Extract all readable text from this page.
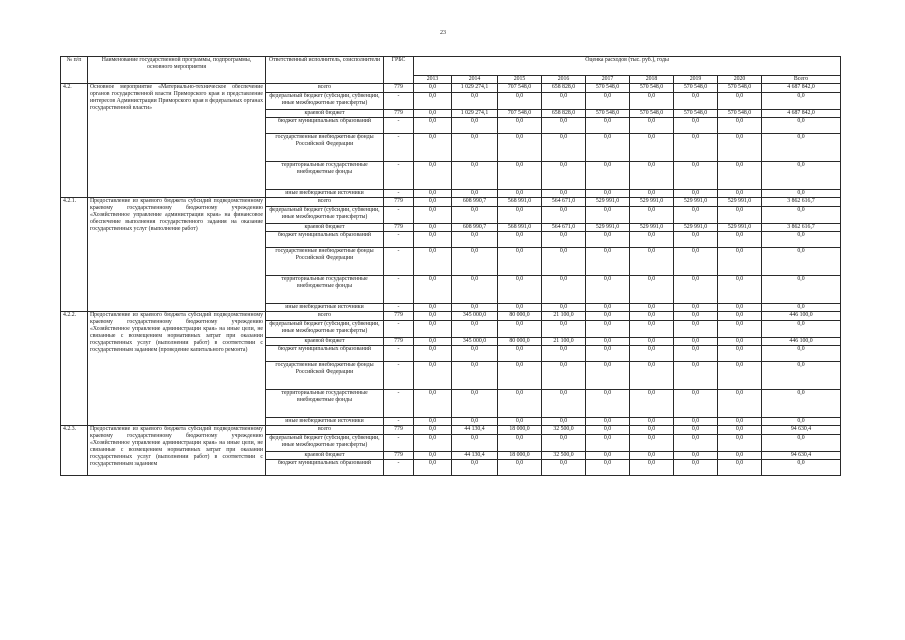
23
№ п/п	Наименование государственной программы, подпрограммы, основного мероприятия	Ответственный исполнитель, соисполнители	ГРБС	Оценка расходов (тыс. руб.), годы								
				2013	2014	2015	2016	2017	2018	2019	2020	Всего
4.2.	Основное мероприятие «Материально-техническое обеспечение органов государственной власти Приморского края и представление интересов Администрации Приморского края в федеральных органах государственной власти»	всего	779	0,0	1 029 274,1	707 548,0	658 828,0	570 548,0	570 548,0	570 548,0	570 548,0	4 687 842,0
		федеральный бюджет (субсидии, субвенции, иные межбюджетные трансферты)	-	0,0	0,0	0,0	0,0	0,0	0,0	0,0	0,0	0,0
		краевой бюджет	779	0,0	1 029 274,1	707 548,0	658 828,0	570 548,0	570 548,0	570 548,0	570 548,0	4 687 842,0
		бюджет муниципальных образований	-	0,0	0,0	0,0	0,0	0,0	0,0	0,0	0,0	0,0
		государственные внебюджетные фонды Российской Федерации	-	0,0	0,0	0,0	0,0	0,0	0,0	0,0	0,0	0,0
		территориальные государственные внебюджетные фонды	-	0,0	0,0	0,0	0,0	0,0	0,0	0,0	0,0	0,0
		иные внебюджетные источники	-	0,0	0,0	0,0	0,0	0,0	0,0	0,0	0,0	0,0
4.2.1.	Предоставление из краевого бюджета субсидий подведомственному краевому государственному бюджетному учреждению «Хозяйственное управление администрации края» на финансовое обеспечение выполнения государственного задания на оказание государственных услуг (выполнение работ)	всего	779	0,0	608 990,7	568 991,0	564 671,0	529 991,0	529 991,0	529 991,0	529 991,0	3 862 616,7
		федеральный бюджет (субсидии, субвенции, иные межбюджетные трансферты)	-	0,0	0,0	0,0	0,0	0,0	0,0	0,0	0,0	0,0
		краевой бюджет	779	0,0	608 990,7	568 991,0	564 671,0	529 991,0	529 991,0	529 991,0	529 991,0	3 862 616,7
		бюджет муниципальных образований	-	0,0	0,0	0,0	0,0	0,0	0,0	0,0	0,0	0,0
		государственные внебюджетные фонды Российской Федерации	-	0,0	0,0	0,0	0,0	0,0	0,0	0,0	0,0	0,0
		территориальные государственные внебюджетные фонды	-	0,0	0,0	0,0	0,0	0,0	0,0	0,0	0,0	0,0
		иные внебюджетные источники	-	0,0	0,0	0,0	0,0	0,0	0,0	0,0	0,0	0,0
4.2.2.	Предоставление из краевого бюджета субсидий подведомственному краевому государственному бюджетному учреждению «Хозяйственное управление администрации края» на иные цели, не связанные с возмещением нормативных затрат при оказании государственных услуг (выполнении работ) в соответствии с государственным заданием (проведение капитального ремонта)	всего	779	0,0	345 000,0	80 000,0	21 100,0	0,0	0,0	0,0	0,0	446 100,0
		федеральный бюджет (субсидии, субвенции, иные межбюджетные трансферты)	-	0,0	0,0	0,0	0,0	0,0	0,0	0,0	0,0	0,0
		краевой бюджет	779	0,0	345 000,0	80 000,0	21 100,0	0,0	0,0	0,0	0,0	446 100,0
		бюджет муниципальных образований	-	0,0	0,0	0,0	0,0	0,0	0,0	0,0	0,0	0,0
		государственные внебюджетные фонды Российской Федерации	-	0,0	0,0	0,0	0,0	0,0	0,0	0,0	0,0	0,0
		территориальные государственные внебюджетные фонды	-	0,0	0,0	0,0	0,0	0,0	0,0	0,0	0,0	0,0
		иные внебюджетные источники	-	0,0	0,0	0,0	0,0	0,0	0,0	0,0	0,0	0,0
4.2.3.	Предоставление из краевого бюджета субсидий подведомственному краевому государственному бюджетному учреждению «Хозяйственное управление администрации края» на иные цели, не связанные с возмещением нормативных затрат при оказании государственных услуг (выполнении работ) в соответствии с государственным заданием	всего	779	0,0	44 130,4	18 000,0	32 500,0	0,0	0,0	0,0	0,0	94 630,4
		федеральный бюджет (субсидии, субвенции, иные межбюджетные трансферты)	-	0,0	0,0	0,0	0,0	0,0	0,0	0,0	0,0	0,0
		краевой бюджет	779	0,0	44 130,4	18 000,0	32 500,0	0,0	0,0	0,0	0,0	94 630,4
		бюджет муниципальных образований	-	0,0	0,0	0,0	0,0	0,0	0,0	0,0	0,0	0,0
